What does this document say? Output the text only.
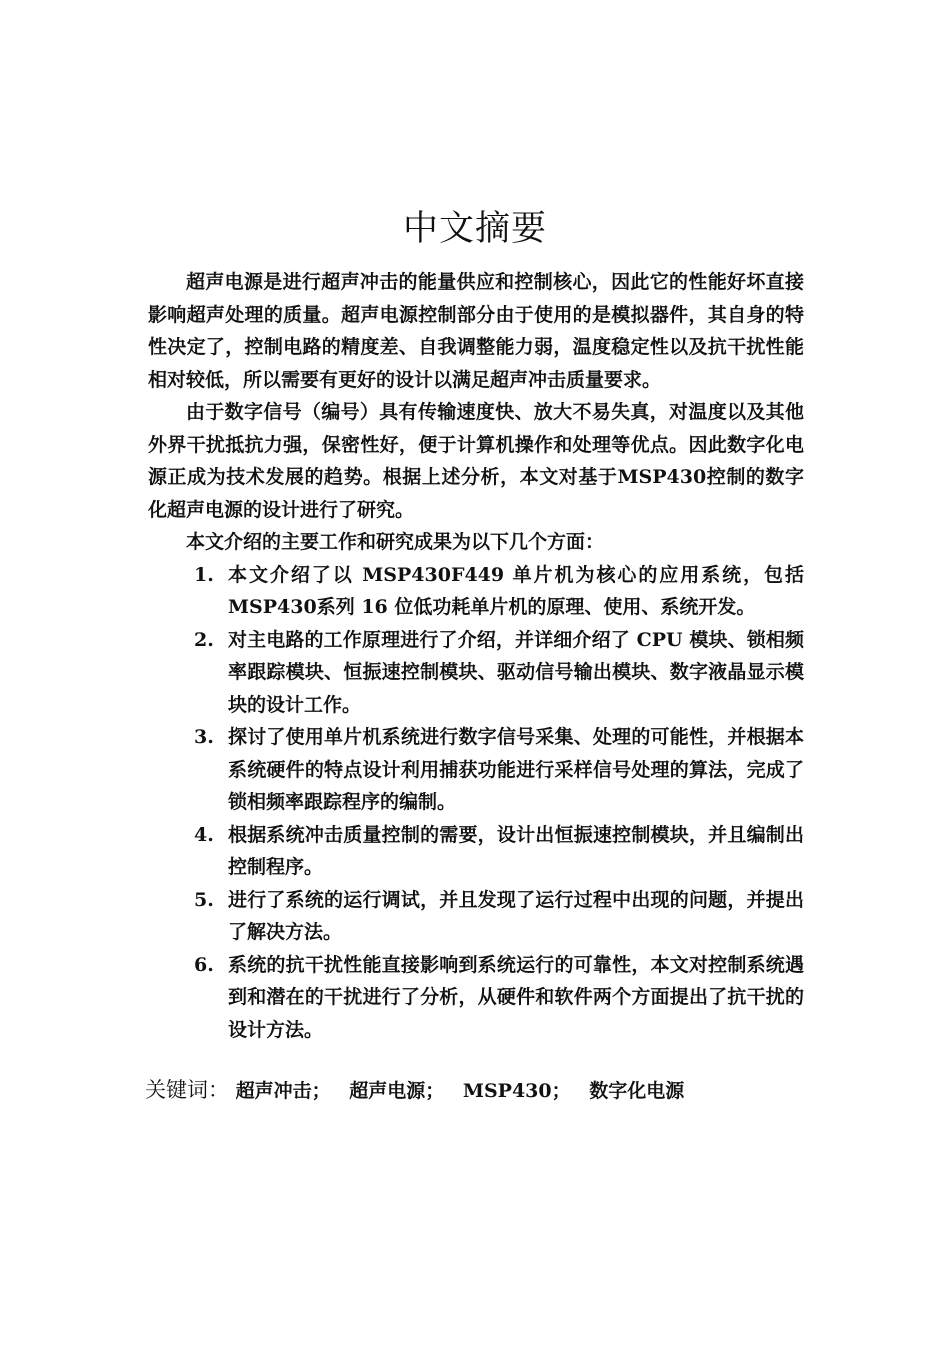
中文摘要

超声电源是进行超声冲击的能量供应和控制核心，因此它的性能好坏直接影响超声处理的质量。超声电源控制部分由于使用的是模拟器件，其自身的特性决定了，控制电路的精度差、自我调整能力弱，温度稳定性以及抗干扰性能相对较低，所以需要有更好的设计以满足超声冲击质量要求。

由于数字信号（编号）具有传输速度快、放大不易失真，对温度以及其他外界干扰抵抗力强，保密性好，便于计算机操作和处理等优点。因此数字化电源正成为技术发展的趋势。根据上述分析，本文对基于MSP430控制的数字化超声电源的设计进行了研究。

本文介绍的主要工作和研究成果为以下几个方面：

1. 本文介绍了以 MSP430F449 单片机为核心的应用系统，包括 MSP430系列 16 位低功耗单片机的原理、使用、系统开发。
2. 对主电路的工作原理进行了介绍，并详细介绍了 CPU 模块、锁相频率跟踪模块、恒振速控制模块、驱动信号输出模块、数字液晶显示模块的设计工作。
3. 探讨了使用单片机系统进行数字信号采集、处理的可能性，并根据本系统硬件的特点设计利用捕获功能进行采样信号处理的算法，完成了锁相频率跟踪程序的编制。
4. 根据系统冲击质量控制的需要，设计出恒振速控制模块，并且编制出控制程序。
5. 进行了系统的运行调试，并且发现了运行过程中出现的问题，并提出了解决方法。
6. 系统的抗干扰性能直接影响到系统运行的可靠性，本文对控制系统遇到和潜在的干扰进行了分析，从硬件和软件两个方面提出了抗干扰的设计方法。
关键词： 超声冲击； 超声电源； MSP430； 数字化电源
